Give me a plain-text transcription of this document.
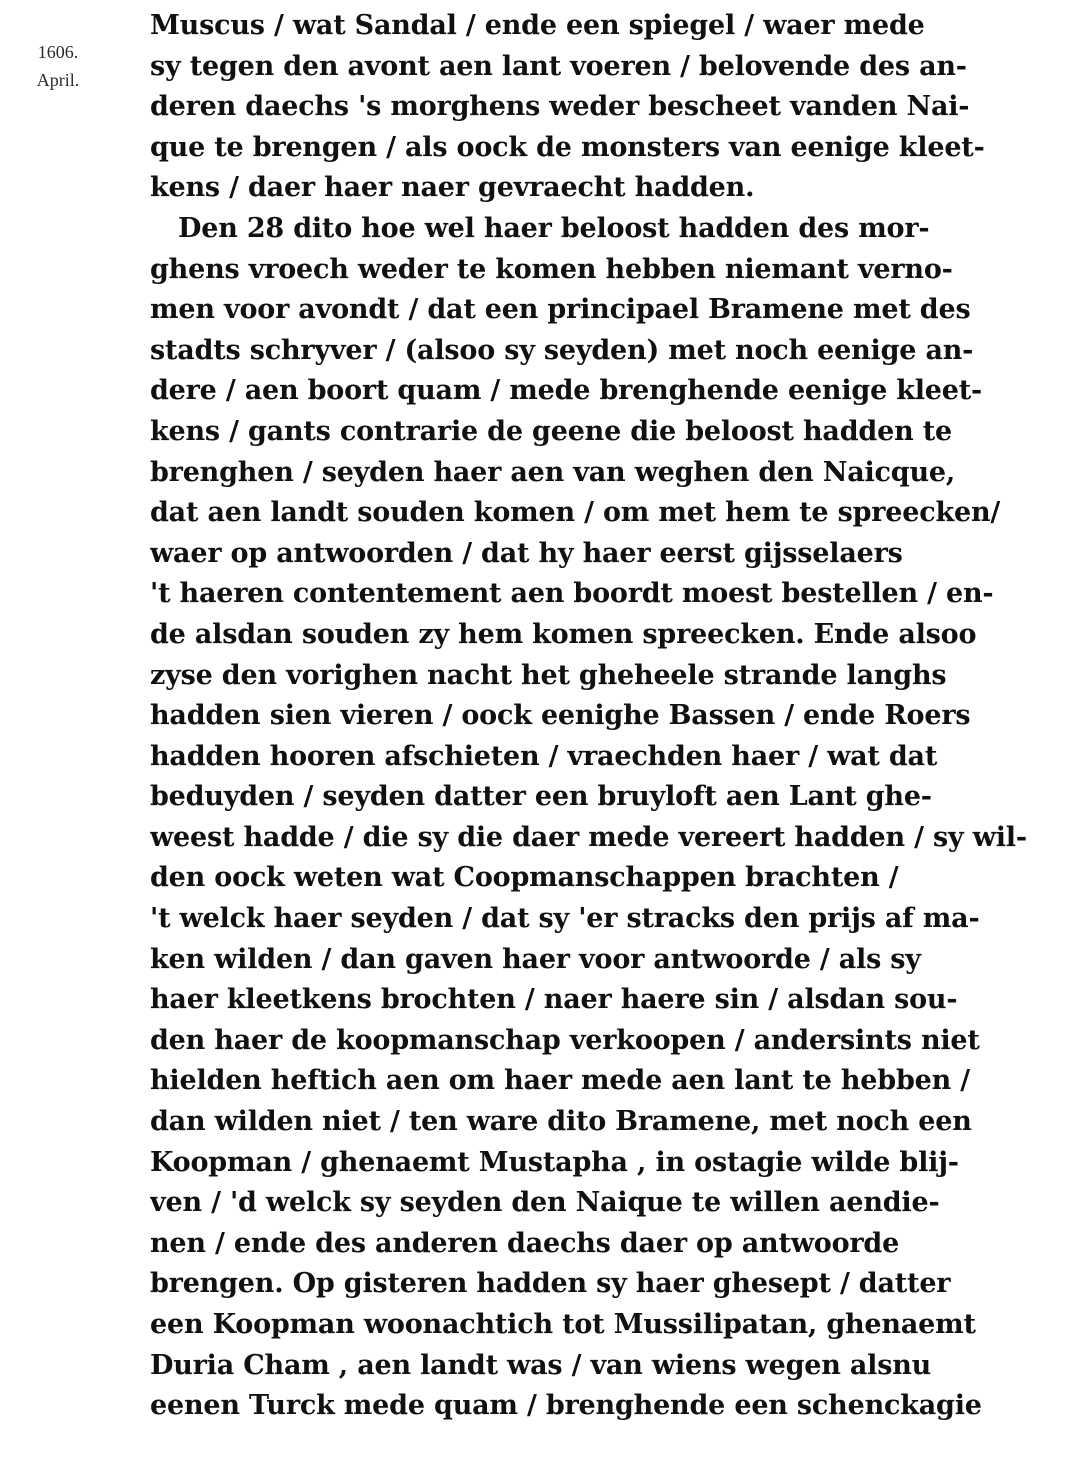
1606.
April.
Muscus / wat Sandal / ende een spiegel / waer mede
sy tegen den avont aen lant voeren / belovende des an-
deren daechs 's morghens weder bescheet vanden Nai-
que te brengen / als oock de monsters van eenige kleet-
kens / daer haer naer gevraecht hadden.
Den 28 dito hoe wel haer beloost hadden des mor-
ghens vroech weder te komen hebben niemant verno-
men voor avondt / dat een principael Bramene met des
stadts schryver / (alsoo sy seyden) met noch eenige an-
dere / aen boort quam / mede brenghende eenige kleet-
kens / gants contrarie de geene die beloost hadden te
brenghen / seyden haer aen van weghen den Naicque,
dat aen landt souden komen / om met hem te spreecken/
waer op antwoorden / dat hy haer eerst gijsselaers
't haeren contentement aen boordt moest bestellen / en-
de alsdan souden zy hem komen spreecken. Ende alsoo
zyse den vorighen nacht het gheheele strande langhs
hadden sien vieren / oock eenighe Bassen / ende Roers
hadden hooren afschieten / vraechden haer / wat dat
beduyden / seyden datter een bruyloft aen Lant ghe-
weest hadde / die sy die daer mede vereert hadden / sy wil-
den oock weten wat Coopmanschappen brachten /
't welck haer seyden / dat sy 'er stracks den prijs af ma-
ken wilden / dan gaven haer voor antwoorde / als sy
haer kleetkens brochten / naer haere sin / alsdan sou-
den haer de koopmanschap verkoopen / andersints niet
hielden heftich aen om haer mede aen lant te hebben /
dan wilden niet / ten ware dito Bramene, met noch een
Koopman / ghenaemt Mustapha , in ostagie wilde blij-
ven / 'd welck sy seyden den Naique te willen aendie-
nen / ende des anderen daechs daer op antwoorde
brengen. Op gisteren hadden sy haer ghesept / datter
een Koopman woonachtich tot Mussilipatan, ghenaemt
Duria Cham , aen landt was / van wiens wegen alsnu
eenen Turck mede quam / brenghende een schenckagie
